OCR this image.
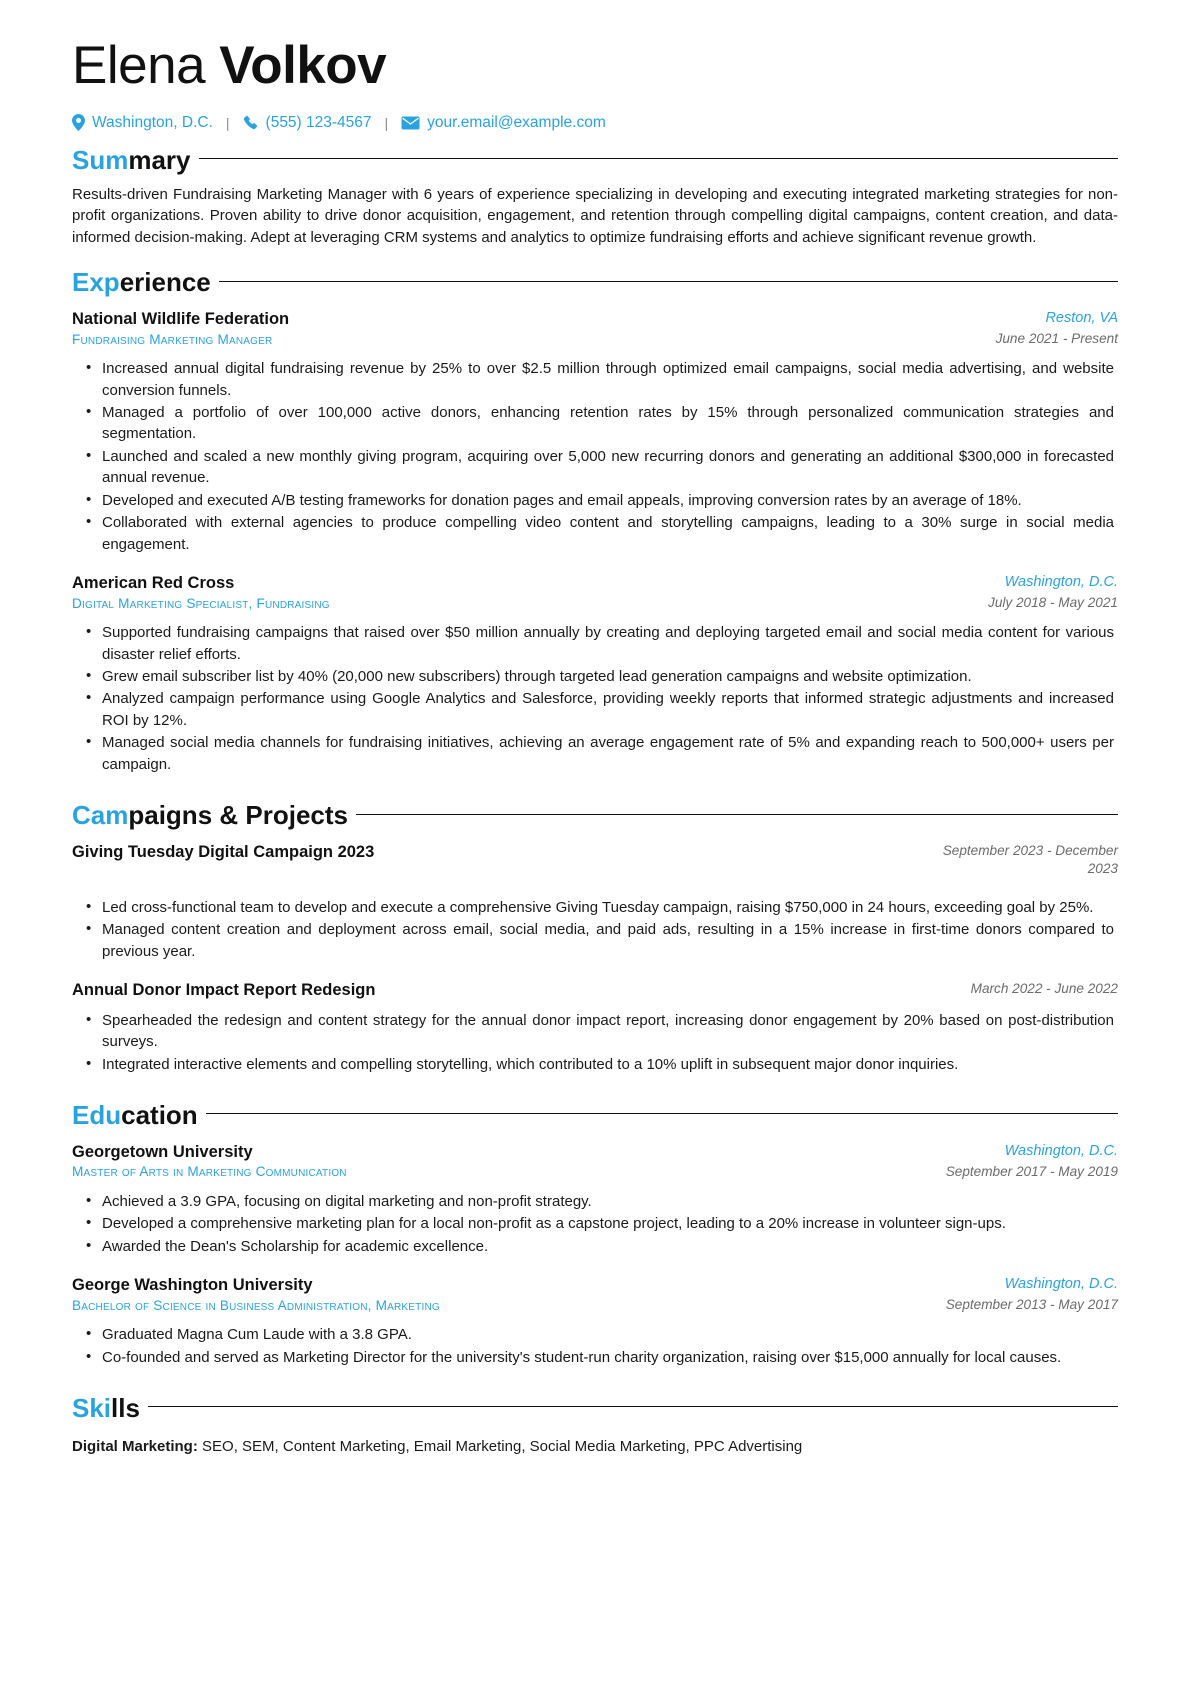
Elena Volkov
Washington, D.C. |	(555) 123-4567 |	your.email@example.com
Summary
Results-driven Fundraising Marketing Manager with 6 years of experience specializing in developing and executing integrated marketing strategies for non-profit organizations. Proven ability to drive donor acquisition, engagement, and retention through compelling digital campaigns, content creation, and data-informed decision-making. Adept at leveraging CRM systems and analytics to optimize fundraising efforts and achieve significant revenue growth.
Experience
National Wildlife Federation
Fundraising Marketing Manager
Reston, VA
June 2021 - Present
• Increased annual digital fundraising revenue by 25% to over $2.5 million through optimized email campaigns, social media advertising, and website conversion funnels.
• Managed a portfolio of over 100,000 active donors, enhancing retention rates by 15% through personalized communication strategies and segmentation.
• Launched and scaled a new monthly giving program, acquiring over 5,000 new recurring donors and generating an additional $300,000 in forecasted annual revenue.
• Developed and executed A/B testing frameworks for donation pages and email appeals, improving conversion rates by an average of 18%.
• Collaborated with external agencies to produce compelling video content and storytelling campaigns, leading to a 30% surge in social media engagement.
American Red Cross
Digital Marketing Specialist, Fundraising
Washington, D.C.
July 2018 - May 2021
• Supported fundraising campaigns that raised over $50 million annually by creating and deploying targeted email and social media content for various disaster relief efforts.
• Grew email subscriber list by 40% (20,000 new subscribers) through targeted lead generation campaigns and website optimization.
• Analyzed campaign performance using Google Analytics and Salesforce, providing weekly reports that informed strategic adjustments and increased ROI by 12%.
• Managed social media channels for fundraising initiatives, achieving an average engagement rate of 5% and expanding reach to 500,000+ users per campaign.
Campaigns & Projects
Giving Tuesday Digital Campaign 2023	September 2023 - December 2023
• Led cross-functional team to develop and execute a comprehensive Giving Tuesday campaign, raising $750,000 in 24 hours, exceeding goal by 25%.
• Managed content creation and deployment across email, social media, and paid ads, resulting in a 15% increase in first-time donors compared to previous year.
Annual Donor Impact Report Redesign	March 2022 - June 2022
• Spearheaded the redesign and content strategy for the annual donor impact report, increasing donor engagement by 20% based on post-distribution surveys.
• Integrated interactive elements and compelling storytelling, which contributed to a 10% uplift in subsequent major donor inquiries.
Education
Georgetown University
Master of Arts in Marketing Communication
Washington, D.C.
September 2017 - May 2019
• Achieved a 3.9 GPA, focusing on digital marketing and non-profit strategy.
• Developed a comprehensive marketing plan for a local non-profit as a capstone project, leading to a 20% increase in volunteer sign-ups.
• Awarded the Dean's Scholarship for academic excellence.
George Washington University
Bachelor of Science in Business Administration, Marketing
Washington, D.C.
September 2013 - May 2017
• Graduated Magna Cum Laude with a 3.8 GPA.
• Co-founded and served as Marketing Director for the university's student-run charity organization, raising over $15,000 annually for local causes.
Skills
Digital Marketing: SEO, SEM, Content Marketing, Email Marketing, Social Media Marketing, PPC Advertising
